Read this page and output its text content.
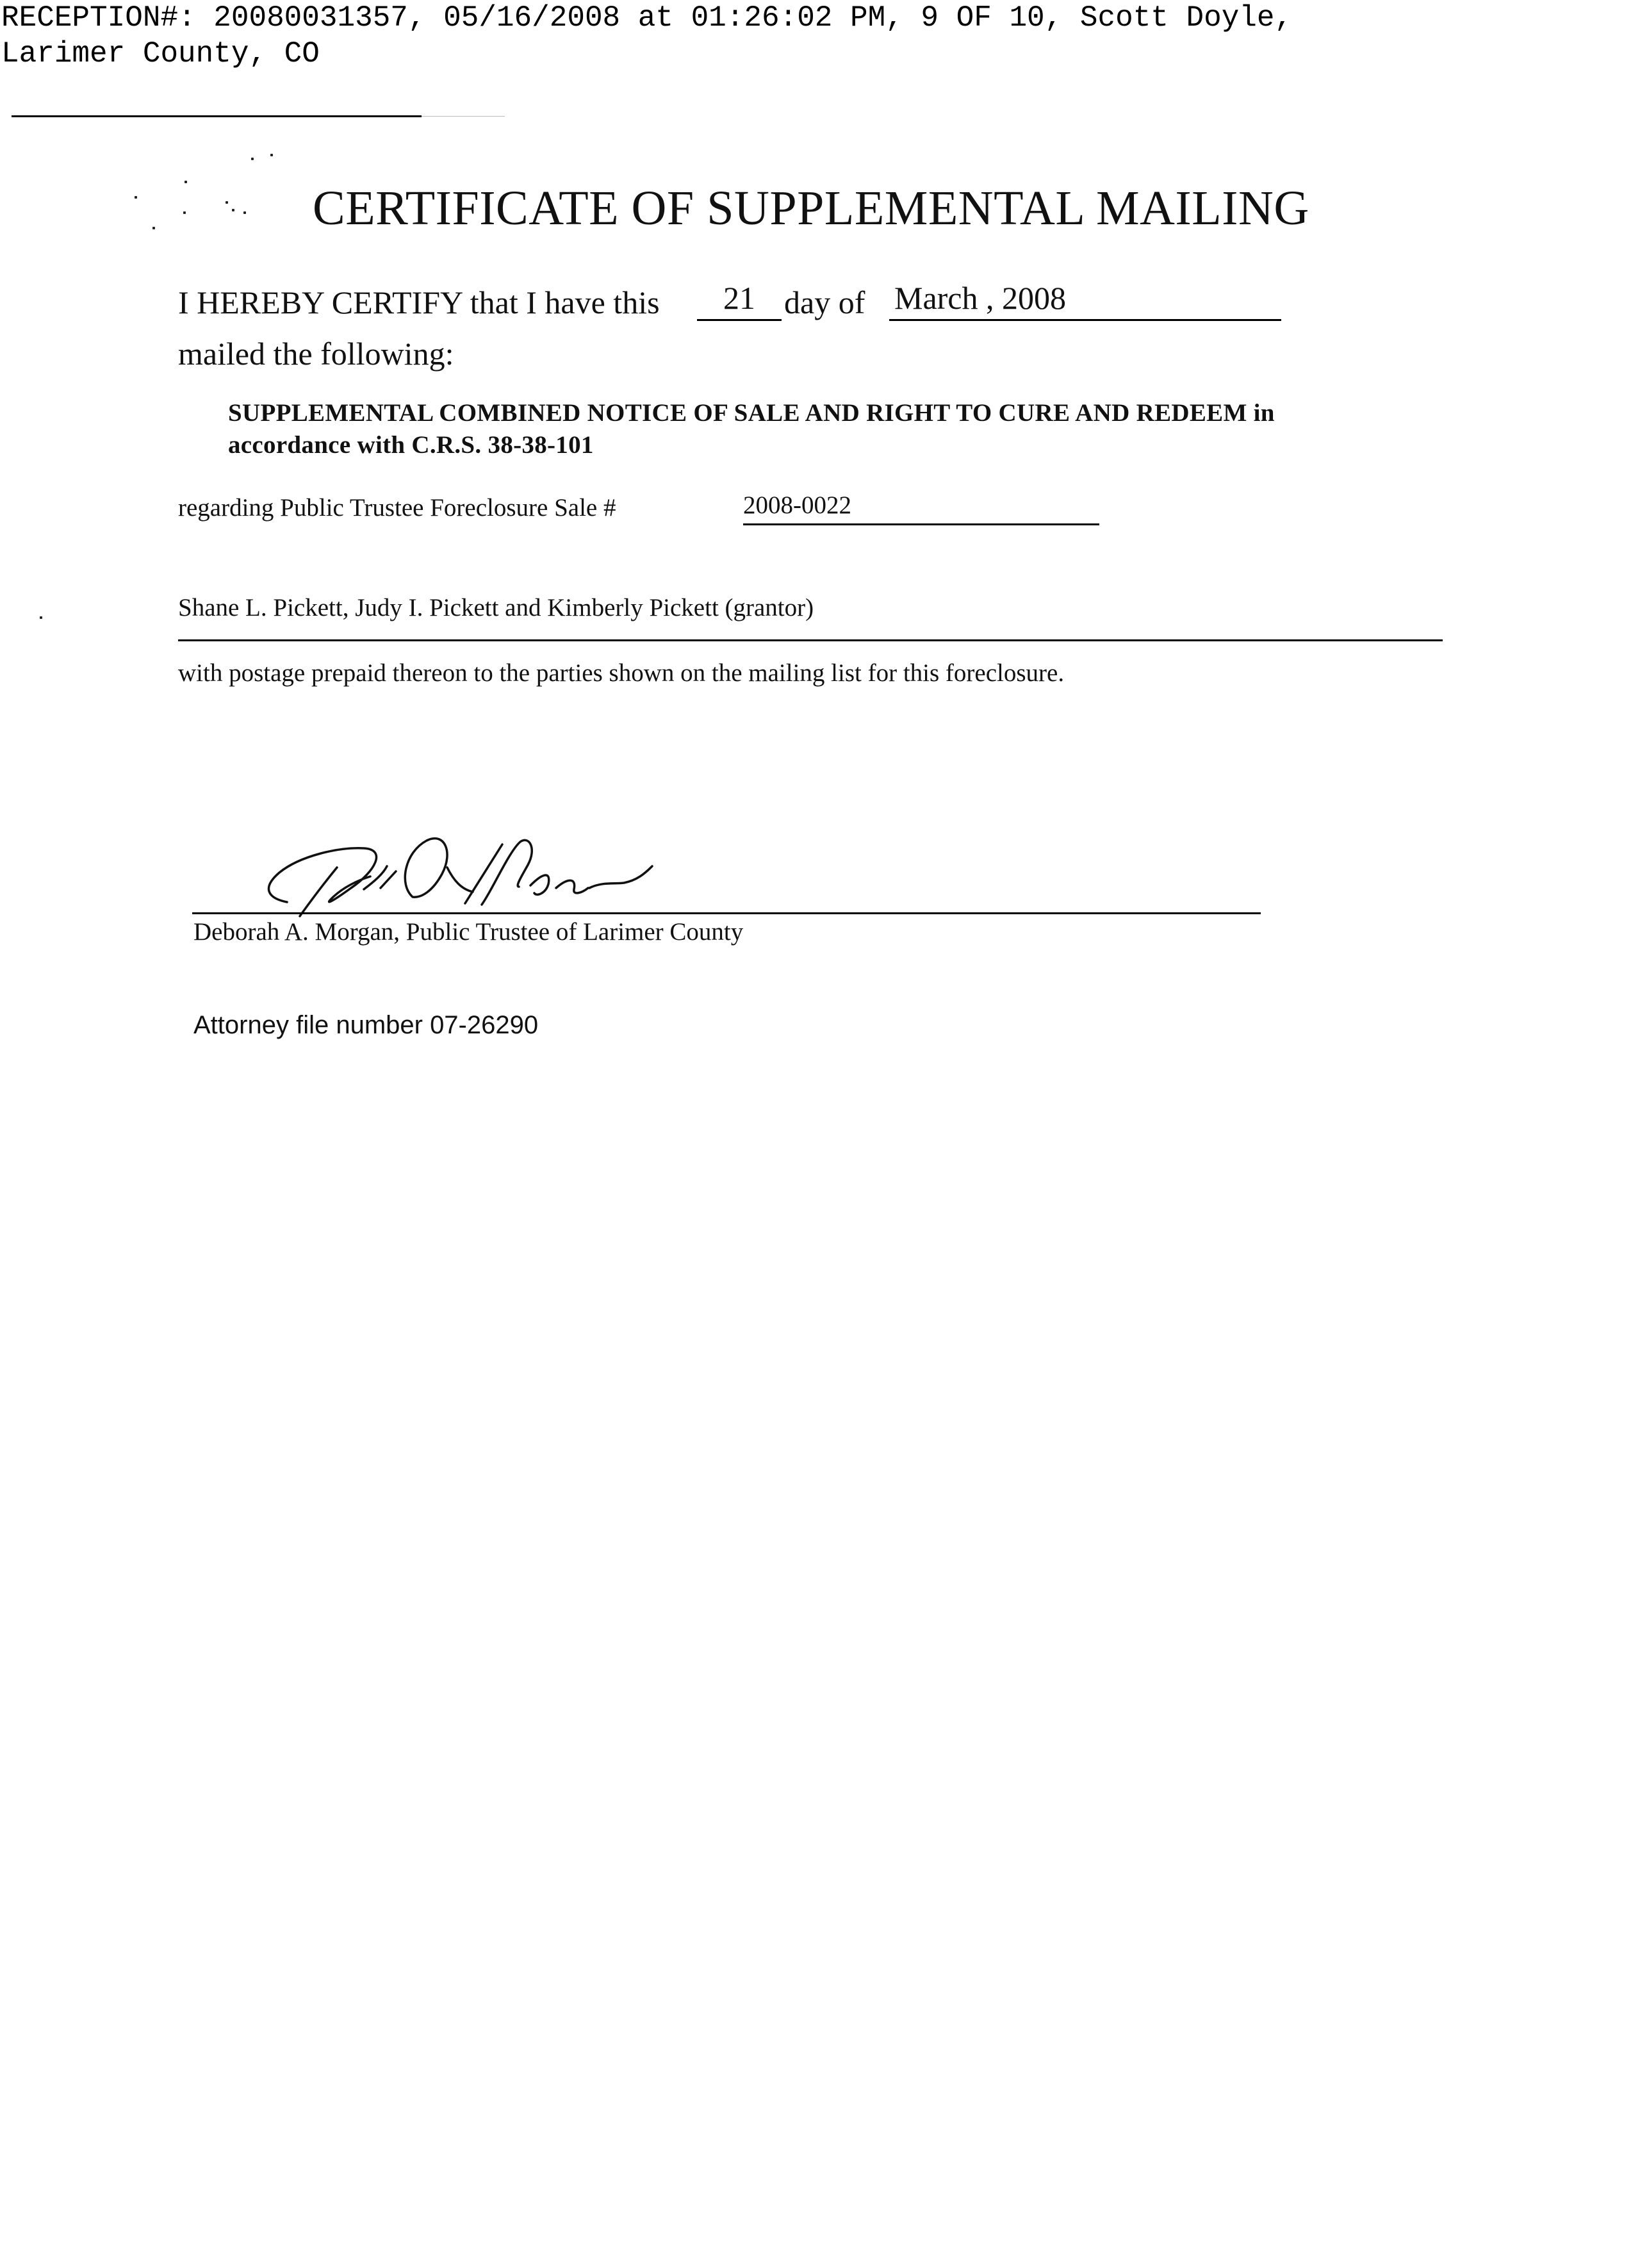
RECEPTION#: 20080031357, 05/16/2008 at 01:26:02 PM, 9 OF 10, Scott Doyle,
Larimer County, CO
CERTIFICATE OF SUPPLEMENTAL MAILING
I HEREBY CERTIFY that I have this	21 day of March , 2008
mailed the following:
SUPPLEMENTAL COMBINED NOTICE OF SALE AND RIGHT TO CURE AND REDEEM in
accordance with C.R.S. 38-38-101
regarding Public Trustee Foreclosure Sale #	2008-0022
Shane L. Pickett, Judy I. Pickett and Kimberly Pickett (grantor)
with postage prepaid thereon to the parties shown on the mailing list for this foreclosure.
Deborah A. Morgan, Public Trustee of Larimer County
Attorney file number 07-26290
